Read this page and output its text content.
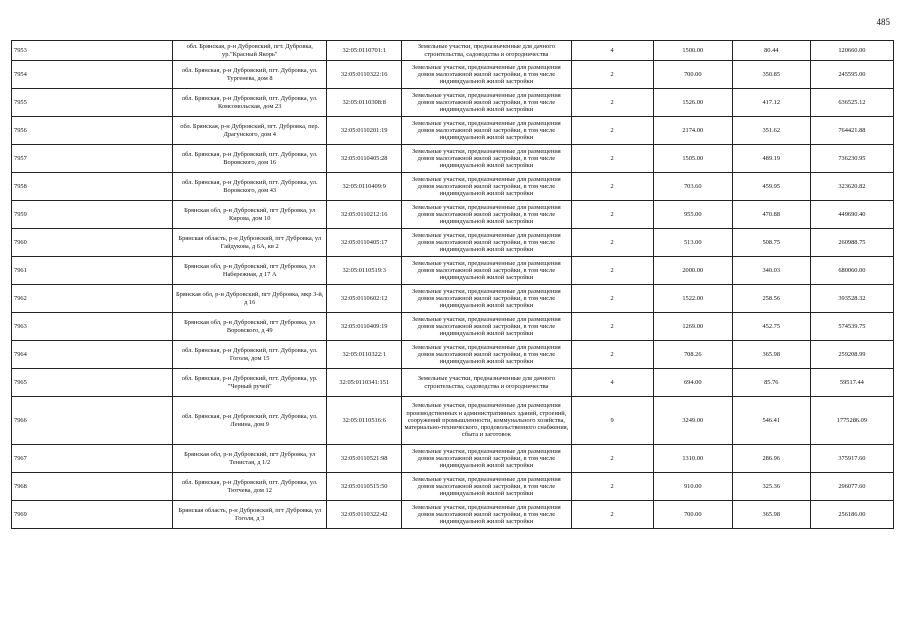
485
7953	обл. Брянская, р-н Дубровский, пгт. Дубровка, ур."Красный Якорь"	32:05:0110701:1	Земельные участки, предназначенные для дачного строительства, садоводства и огородничества	4	1500.00	80.44	120660.00
7954	обл. Брянская, р-н Дубровский, пгт. Дубровка, ул. Тургенева, дом 8	32:05:0110322:16	Земельные участки, предназначенные для размещения домов малоэтажной жилой застройки, в том числе индивидуальной жилой застройки	2	700.00	350.85	245595.00
7955	обл. Брянская, р-н Дубровский, пгт. Дубровка, ул. Комсомольская, дом 23	32:05:0110308:8	Земельные участки, предназначенные для размещения домов малоэтажной жилой застройки, в том числе индивидуальной жилой застройки	2	1526.00	417.12	636525.12
7956	обл. Брянская, р-н Дубровский, пгт. Дубровка, пер. Драгунского, дом 4	32:05:0110201:19	Земельные участки, предназначенные для размещения домов малоэтажной жилой застройки, в том числе индивидуальной жилой застройки	2	2174.00	351.62	764421.88
7957	обл. Брянская, р-н Дубровский, пгт. Дубровка, ул. Воровского, дом 16	32:05:0110405:28	Земельные участки, предназначенные для размещения домов малоэтажной жилой застройки, в том числе индивидуальной жилой застройки	2	1505.00	489.19	736230.95
7958	обл. Брянская, р-н Дубровский, пгт. Дубровка, ул. Воровского, дом 43	32:05:0110409:9	Земельные участки, предназначенные для размещения домов малоэтажной жилой застройки, в том числе индивидуальной жилой застройки	2	703.60	459.95	323620.82
7959	Брянская обл, р-н Дубровский, пгт Дубровка, ул Кирова, дом 10	32:05:0110212:16	Земельные участки, предназначенные для размещения домов малоэтажной жилой застройки, в том числе индивидуальной жилой застройки	2	955.00	470.88	449690.40
7960	Брянская область, р-н Дубровский, пгт Дубровка, ул Гайдукова, д 6А, кв 2	32:05:0110405:17	Земельные участки, предназначенные для размещения домов малоэтажной жилой застройки, в том числе индивидуальной жилой застройки	2	513.00	508.75	260988.75
7961	Брянская обл, р-н Дубровский, пгт Дубровка, ул Набережная, д 17 А	32:05:0110519:3	Земельные участки, предназначенные для размещения домов малоэтажной жилой застройки, в том числе индивидуальной жилой застройки	2	2000.00	340.03	680060.00
7962	Брянская обл, р-н Дубровский, пгт Дубровка, мкр 3-й, д 16	32:05:0110602:12	Земельные участки, предназначенные для размещения домов малоэтажной жилой застройки, в том числе индивидуальной жилой застройки	2	1522.00	258.56	393528.32
7963	Брянская обл, р-н Дубровский, пгт Дубровка, ул Воровского, д 49	32:05:0110409:19	Земельные участки, предназначенные для размещения домов малоэтажной жилой застройки, в том числе индивидуальной жилой застройки	2	1269.00	452.75	574539.75
7964	обл. Брянская, р-н Дубровский, пгт. Дубровка, ул. Гоголя, дом 15	32:05:0110322:1	Земельные участки, предназначенные для размещения домов малоэтажной жилой застройки, в том числе индивидуальной жилой застройки	2	708.26	365.98	259208.99
7965	обл. Брянская, р-н Дубровский, пгт. Дубровка, ур. "Черный ручей"	32:05:0110341:151	Земельные участки, предназначенные для дачного строительства, садоводства и огородничества	4	694.00	85.76	59517.44
7966	обл. Брянская, р-н Дубровский, пгт. Дубровка, ул. Ленина, дом 9	32:05:0110516:6	Земельные участки, предназначенные для размещения производственных и административных зданий, строений, сооружений промышленности, коммунального хозяйства, материально-технического, продовольственного снабжения, сбыта и заготовок	9	3249.00	546.41	1775286.09
7967	Брянская обл, р-н Дубровский, пгт Дубровка, ул Тенистая, д 1/2	32:05:0110521:98	Земельные участки, предназначенные для размещения домов малоэтажной жилой застройки, в том числе индивидуальной жилой застройки	2	1310.00	286.96	375917.60
7968	обл. Брянская, р-н Дубровский, пгт. Дубровка, ул. Тютчева, дом 12	32:05:0110515:50	Земельные участки, предназначенные для размещения домов малоэтажной жилой застройки, в том числе индивидуальной жилой застройки	2	910.00	325.36	296077.60
7969	Брянская область, р-н Дубровский, пгт Дубровка, ул Гоголя, д 3	32:05:0110322:42	Земельные участки, предназначенные для размещения домов малоэтажной жилой застройки, в том числе индивидуальной жилой застройки	2	700.00	365.98	256186.00
